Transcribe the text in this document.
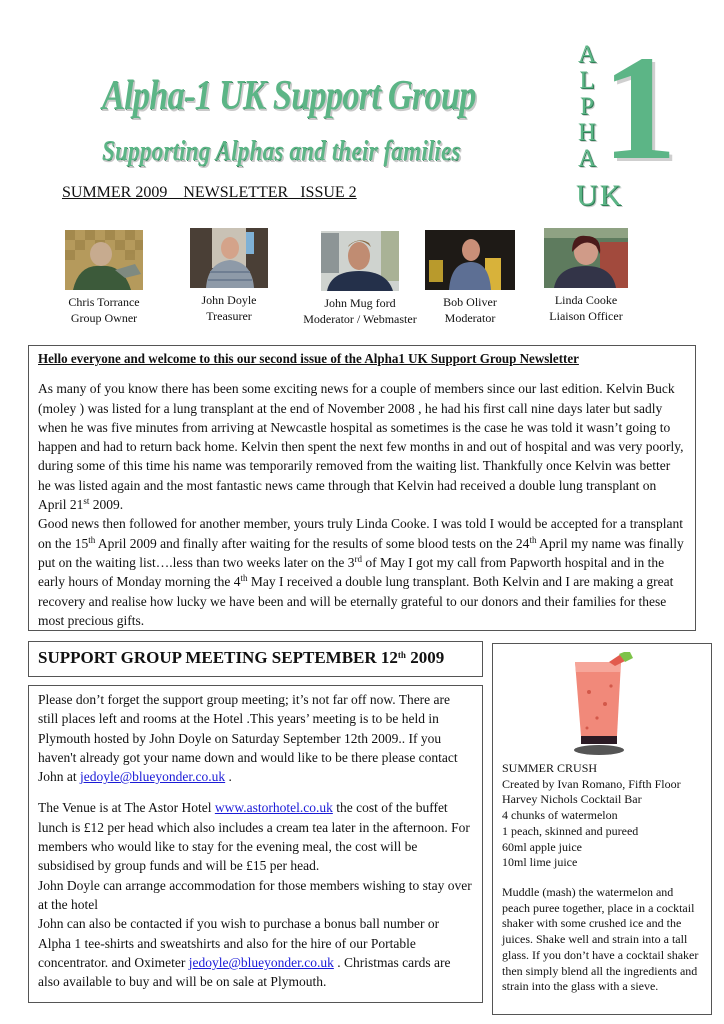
Alpha-1 UK Support Group
Supporting Alphas and their families
SUMMER 2009    NEWSLETTER   ISSUE 2
A
L
P
H
A 1
UK
Chris Torrance
Group Owner
John Doyle
Treasurer
John Mug ford
Moderator / Webmaster
Bob Oliver
Moderator
Linda Cooke
Liaison Officer
Hello everyone and welcome to this our second issue of the Alpha1 UK Support Group Newsletter

As many of you know there has been some exciting news for a couple of members since our last edition. Kelvin Buck (moley ) was listed for a lung transplant at the end of November 2008 , he had his first call nine days later but sadly when he was five minutes from arriving at Newcastle hospital as sometimes is the case he was told it wasn’t going to happen and had to return back home. Kelvin then spent the next few months in and out of hospital and was very poorly, during some of this time his name was temporarily removed from the waiting list. Thankfully once Kelvin was better he was listed again and the most fantastic news came through that Kelvin had received a double lung transplant on April 21st 2009.

Good news then followed for another member, yours truly Linda Cooke. I was told I would be accepted for a transplant on the 15th April 2009 and finally after waiting for the results of some blood tests on the 24th April my name was finally put on the waiting list….less than two weeks later on the 3rd of May I got my call from Papworth hospital and in the early hours of Monday morning the 4th May I received a double lung transplant. Both Kelvin and I are making a great recovery and realise how lucky we have been and will be eternally grateful to our donors and their families for these most precious gifts.

SUPPORT GROUP MEETING SEPTEMBER 12th 2009

Please don’t forget the support group meeting; it’s not far off now. There are still places left and rooms at the Hotel .This years’ meeting is to be held in Plymouth hosted by John Doyle on Saturday September 12th 2009.. If you haven't already got your name down and would like to be there please contact John at jedoyle@blueyonder.co.uk .

The Venue is at The Astor Hotel www.astorhotel.co.uk the cost of the buffet lunch is £12 per head which also includes a cream tea later in the afternoon. For members who would like to stay for the evening meal, the cost will be subsidised by group funds and will be £15 per head.

John Doyle can arrange accommodation for those members wishing to stay over at the hotel

John can also be contacted if you wish to purchase a bonus ball number or Alpha 1 tee-shirts and sweatshirts and also for the hire of our Portable concentrator. and Oximeter jedoyle@blueyonder.co.uk . Christmas cards are also available to buy and will be on sale at Plymouth.

SUMMER CRUSH
Created by Ivan Romano, Fifth Floor
Harvey Nichols Cocktail Bar
4 chunks of watermelon
1 peach, skinned and pureed
60ml apple juice
10ml lime juice
Muddle (mash) the watermelon and peach puree together, place in a cocktail shaker with some crushed ice and the juices. Shake well and strain into a tall glass. If you don’t have a cocktail shaker then simply blend all the ingredients and strain into the glass with a sieve.
